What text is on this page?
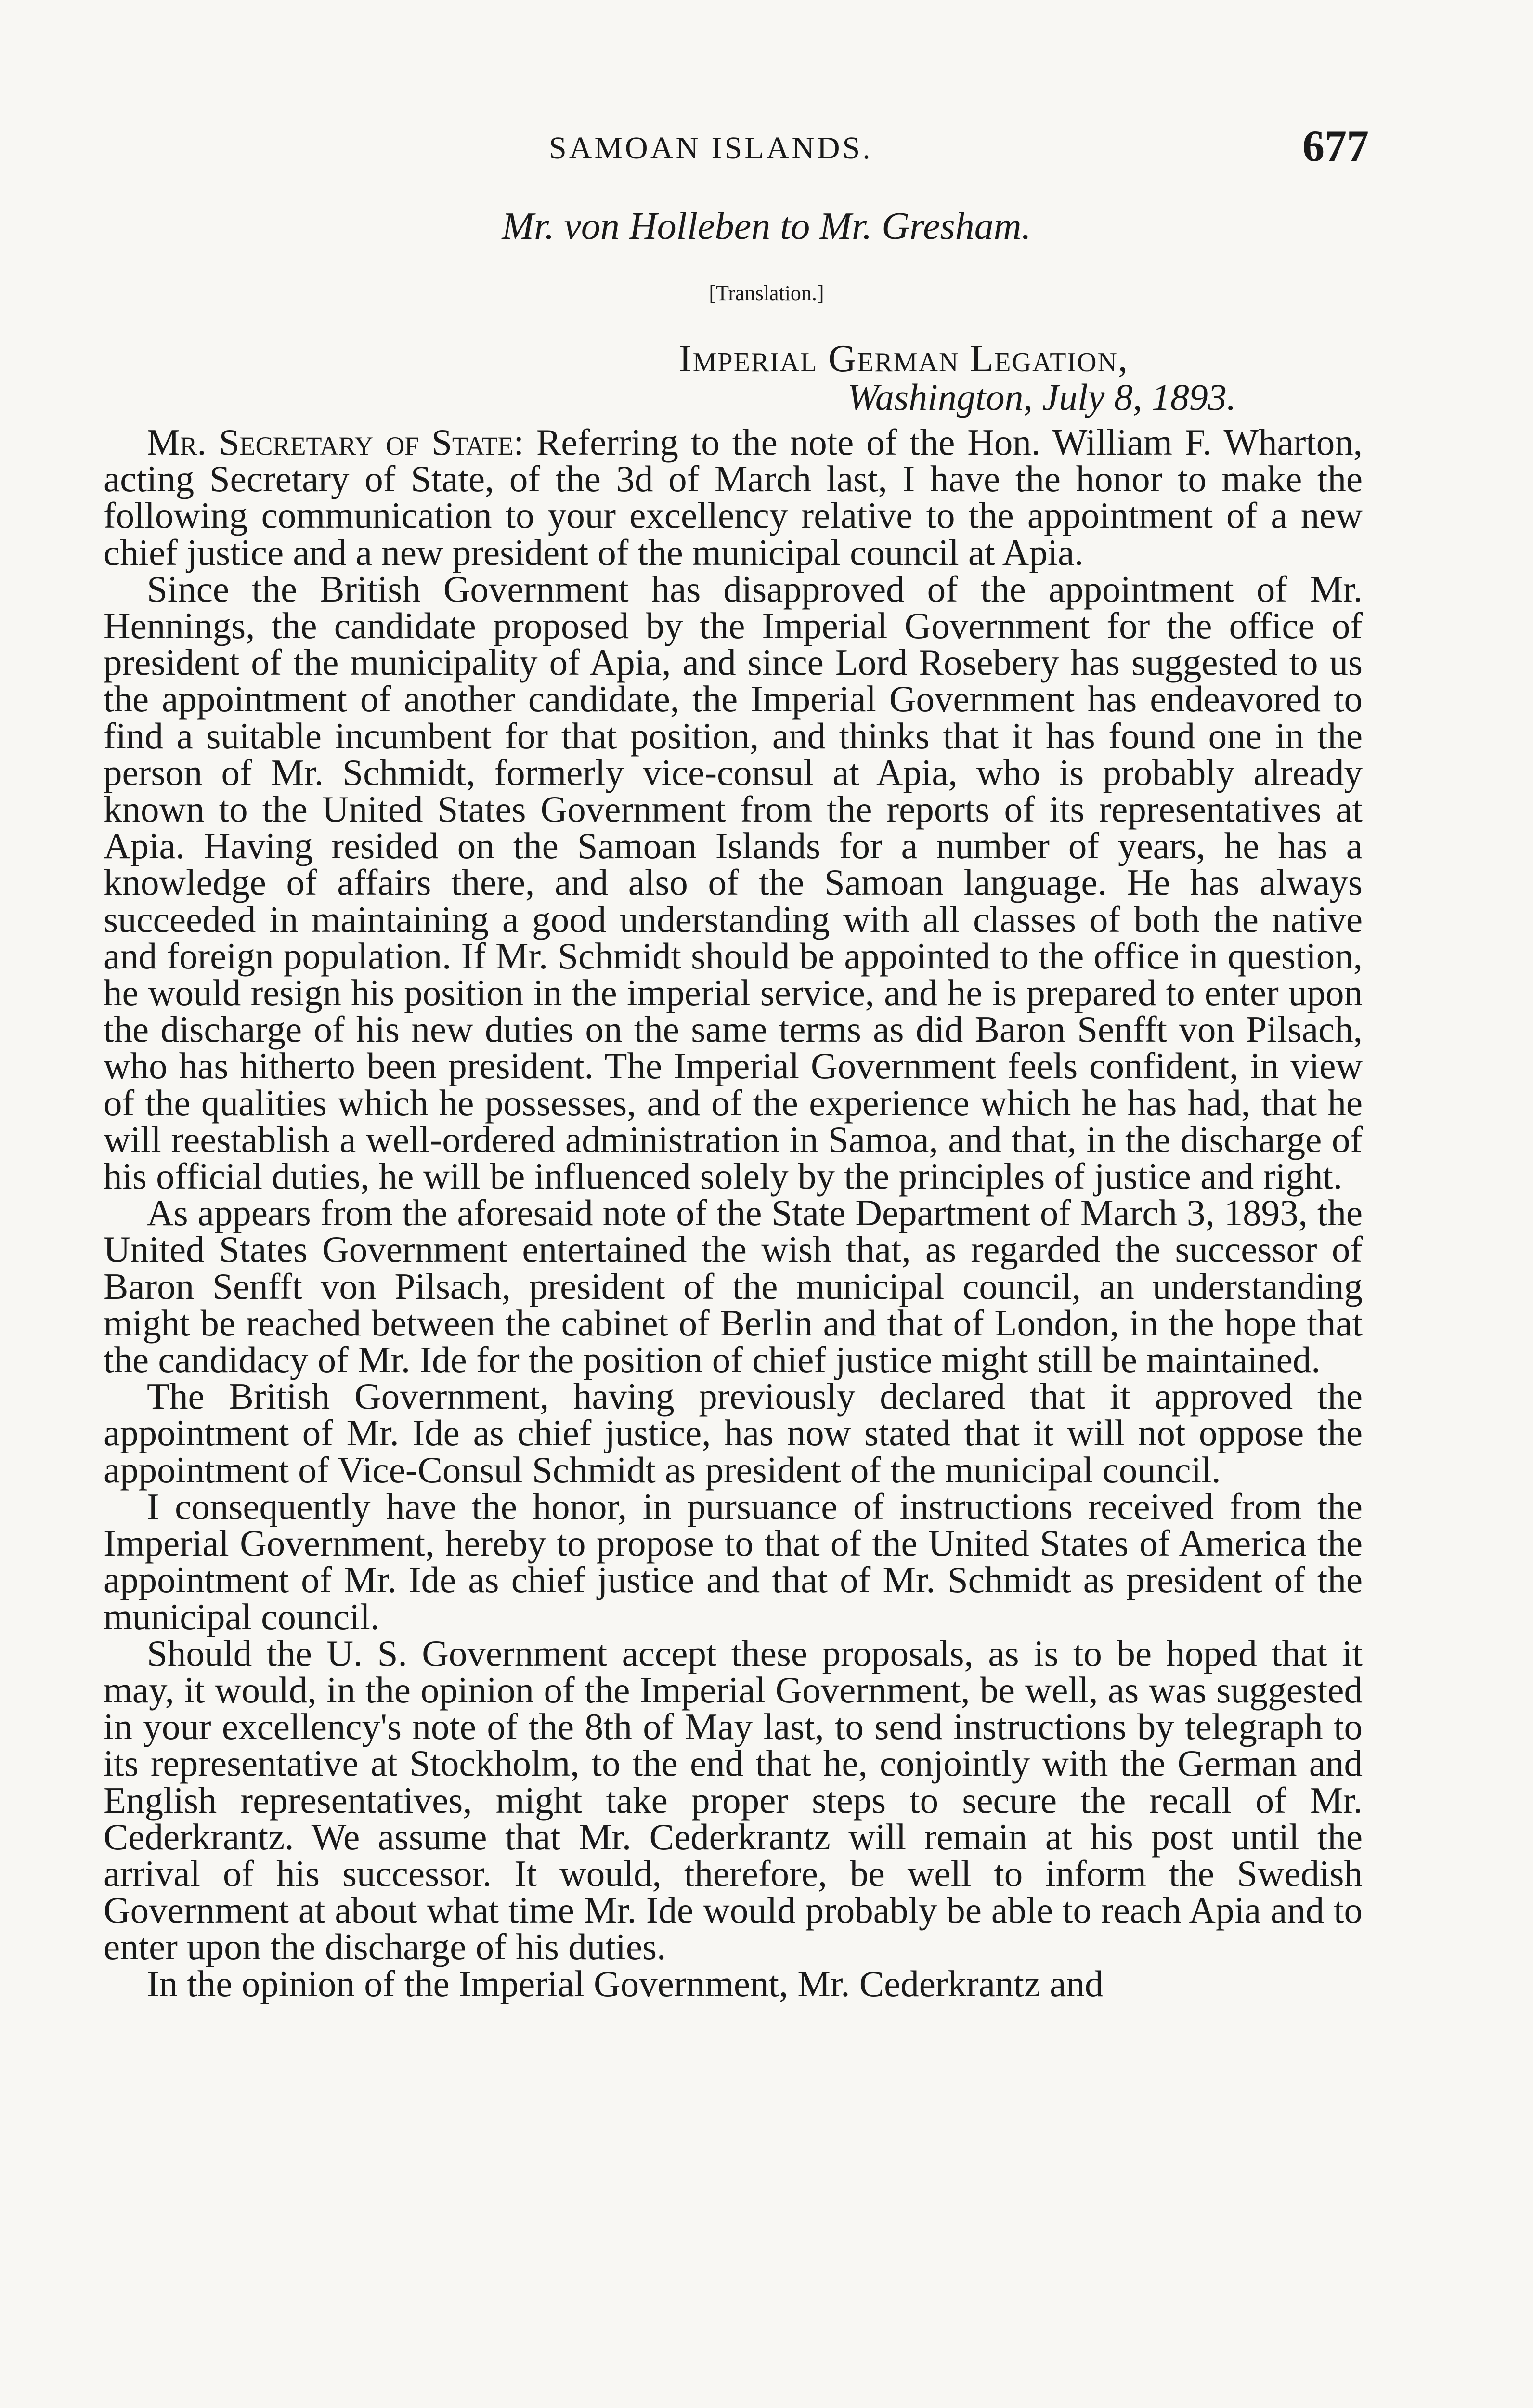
SAMOAN ISLANDS.	677
Mr. von Holleben to Mr. Gresham.
[Translation.]
Imperial German Legation,
Washington, July 8, 1893.

Mr. Secretary of State: Referring to the note of the Hon. William F. Wharton, acting Secretary of State, of the 3d of March last, I have the honor to make the following communication to your excellency relative to the appointment of a new chief justice and a new president of the municipal council at Apia.

Since the British Government has disapproved of the appointment of Mr. Hennings, the candidate proposed by the Imperial Government for the office of president of the municipality of Apia, and since Lord Rosebery has suggested to us the appointment of another candidate, the Imperial Government has endeavored to find a suitable incumbent for that position, and thinks that it has found one in the person of Mr. Schmidt, formerly vice-consul at Apia, who is probably already known to the United States Government from the reports of its representatives at Apia. Having resided on the Samoan Islands for a number of years, he has a knowledge of affairs there, and also of the Samoan language. He has always succeeded in maintaining a good understanding with all classes of both the native and foreign population. If Mr. Schmidt should be appointed to the office in question, he would resign his position in the imperial service, and he is prepared to enter upon the discharge of his new duties on the same terms as did Baron Senfft von Pilsach, who has hitherto been president. The Imperial Government feels confident, in view of the qualities which he possesses, and of the experience which he has had, that he will reestablish a well-ordered administration in Samoa, and that, in the discharge of his official duties, he will be influenced solely by the principles of justice and right.

As appears from the aforesaid note of the State Department of March 3, 1893, the United States Government entertained the wish that, as regarded the successor of Baron Senfft von Pilsach, president of the municipal council, an understanding might be reached between the cabinet of Berlin and that of London, in the hope that the candidacy of Mr. Ide for the position of chief justice might still be maintained.

The British Government, having previously declared that it approved the appointment of Mr. Ide as chief justice, has now stated that it will not oppose the appointment of Vice-Consul Schmidt as president of the municipal council.

I consequently have the honor, in pursuance of instructions received from the Imperial Government, hereby to propose to that of the United States of America the appointment of Mr. Ide as chief justice and that of Mr. Schmidt as president of the municipal council.

Should the U. S. Government accept these proposals, as is to be hoped that it may, it would, in the opinion of the Imperial Government, be well, as was suggested in your excellency's note of the 8th of May last, to send instructions by telegraph to its representative at Stockholm, to the end that he, conjointly with the German and English representatives, might take proper steps to secure the recall of Mr. Cederkrantz. We assume that Mr. Cederkrantz will remain at his post until the arrival of his successor. It would, therefore, be well to inform the Swedish Government at about what time Mr. Ide would probably be able to reach Apia and to enter upon the discharge of his duties.

In the opinion of the Imperial Government, Mr. Cederkrantz and
